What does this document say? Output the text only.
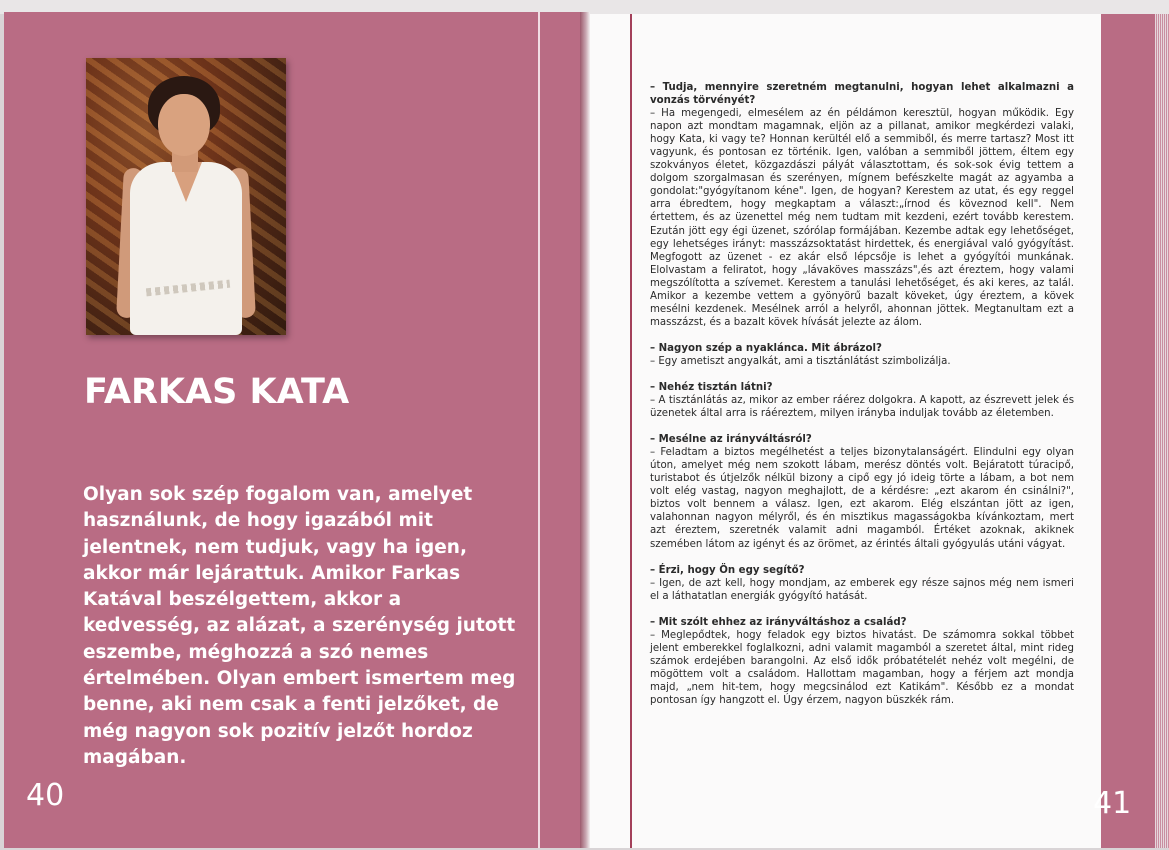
FARKAS KATA

Olyan sok szép fogalom van, amelyet használunk, de hogy igazából mit jelentnek, nem tudjuk, vagy ha igen, akkor már lejárattuk. Amikor Farkas Katával beszélgettem, akkor a kedvesség, az alázat, a szerénység jutott eszembe, méghozzá a szó nemes értelmében. Olyan embert ismertem meg benne, aki nem csak a fenti jelzőket, de még nagyon sok pozitív jelzőt hordoz magában.

40	41

– Tudja, mennyire szeretném megtanulni, hogyan lehet alkalmazni a vonzás törvényét?

– Ha megengedi, elmesélem az én példámon keresztül, hogyan működik. Egy napon azt mondtam magamnak, eljön az a pillanat, amikor megkérdezi valaki, hogy Kata, ki vagy te? Honnan kerültél elő a semmiből, és merre tartasz? Most itt vagyunk, és pontosan ez történik. Igen, valóban a semmiből jöttem, éltem egy szokványos életet, közgazdászi pályát választottam, és sok-sok évig tettem a dolgom szorgalmasan és szerényen, mígnem befészkelte magát az agyamba a gondolat:"gyógyítanom kéne". Igen, de hogyan? Kerestem az utat, és egy reggel arra ébredtem, hogy megkaptam a választ:„írnod és köveznod kell". Nem értettem, és az üzenettel még nem tudtam mit kezdeni, ezért tovább kerestem. Ezután jött egy égi üzenet, szórólap formájában. Kezembe adtak egy lehetőséget, egy lehetséges irányt: masszázsoktatást hirdettek, és energiával való gyógyítást. Megfogott az üzenet - ez akár első lépcsője is lehet a gyógyítói munkának. Elolvastam a feliratot, hogy „lávaköves masszázs",és azt éreztem, hogy valami megszólította a szívemet. Kerestem a tanulási lehetőséget, és aki keres, az talál. Amikor a kezembe vettem a gyönyörű bazalt köveket, úgy éreztem, a kövek mesélni kezdenek. Mesélnek arról a helyről, ahonnan jöttek. Megtanultam ezt a masszázst, és a bazalt kövek hívását jelezte az álom.

– Nagyon szép a nyaklánca. Mit ábrázol?

– Egy ametiszt angyalkát, ami a tisztánlátást szimbolizálja.

– Nehéz tisztán látni?

– A tisztánlátás az, mikor az ember ráérez dolgokra. A kapott, az észrevett jelek és üzenetek által arra is ráéreztem, milyen irányba induljak tovább az életemben.

– Mesélne az irányváltásról?

– Feladtam a biztos megélhetést a teljes bizonytalanságért. Elindulni egy olyan úton, amelyet még nem szokott lábam, merész döntés volt. Bejáratott túracipő, turistabot és útjelzők nélkül bizony a cipő egy jó ideig törte a lábam, a bot nem volt elég vastag, nagyon meghajlott, de a kérdésre: „ezt akarom én csinálni?", biztos volt bennem a válasz. Igen, ezt akarom. Elég elszántan jött az igen, valahonnan nagyon mélyről, és én misztikus magasságokba kívánkoztam, mert azt éreztem, szeretnék valamit adni magamból. Értéket azoknak, akiknek szemében látom az igényt és az örömet, az érintés általi gyógyulás utáni vágyat.

– Érzi, hogy Ön egy segítő?

– Igen, de azt kell, hogy mondjam, az emberek egy része sajnos még nem ismeri el a láthatatlan energiák gyógyító hatását.

– Mit szólt ehhez az irányváltáshoz a család?

– Meglepődtek, hogy feladok egy biztos hivatást. De számomra sokkal többet jelent emberekkel foglalkozni, adni valamit magamból a szeretet által, mint rideg számok erdejében barangolni. Az első idők próbatételét nehéz volt megélni, de mögöttem volt a családom. Hallottam magamban, hogy a férjem azt mondja majd, „nem hit-tem, hogy megcsinálod ezt Katikám". Később ez a mondat pontosan így hangzott el. Úgy érzem, nagyon büszkék rám.
